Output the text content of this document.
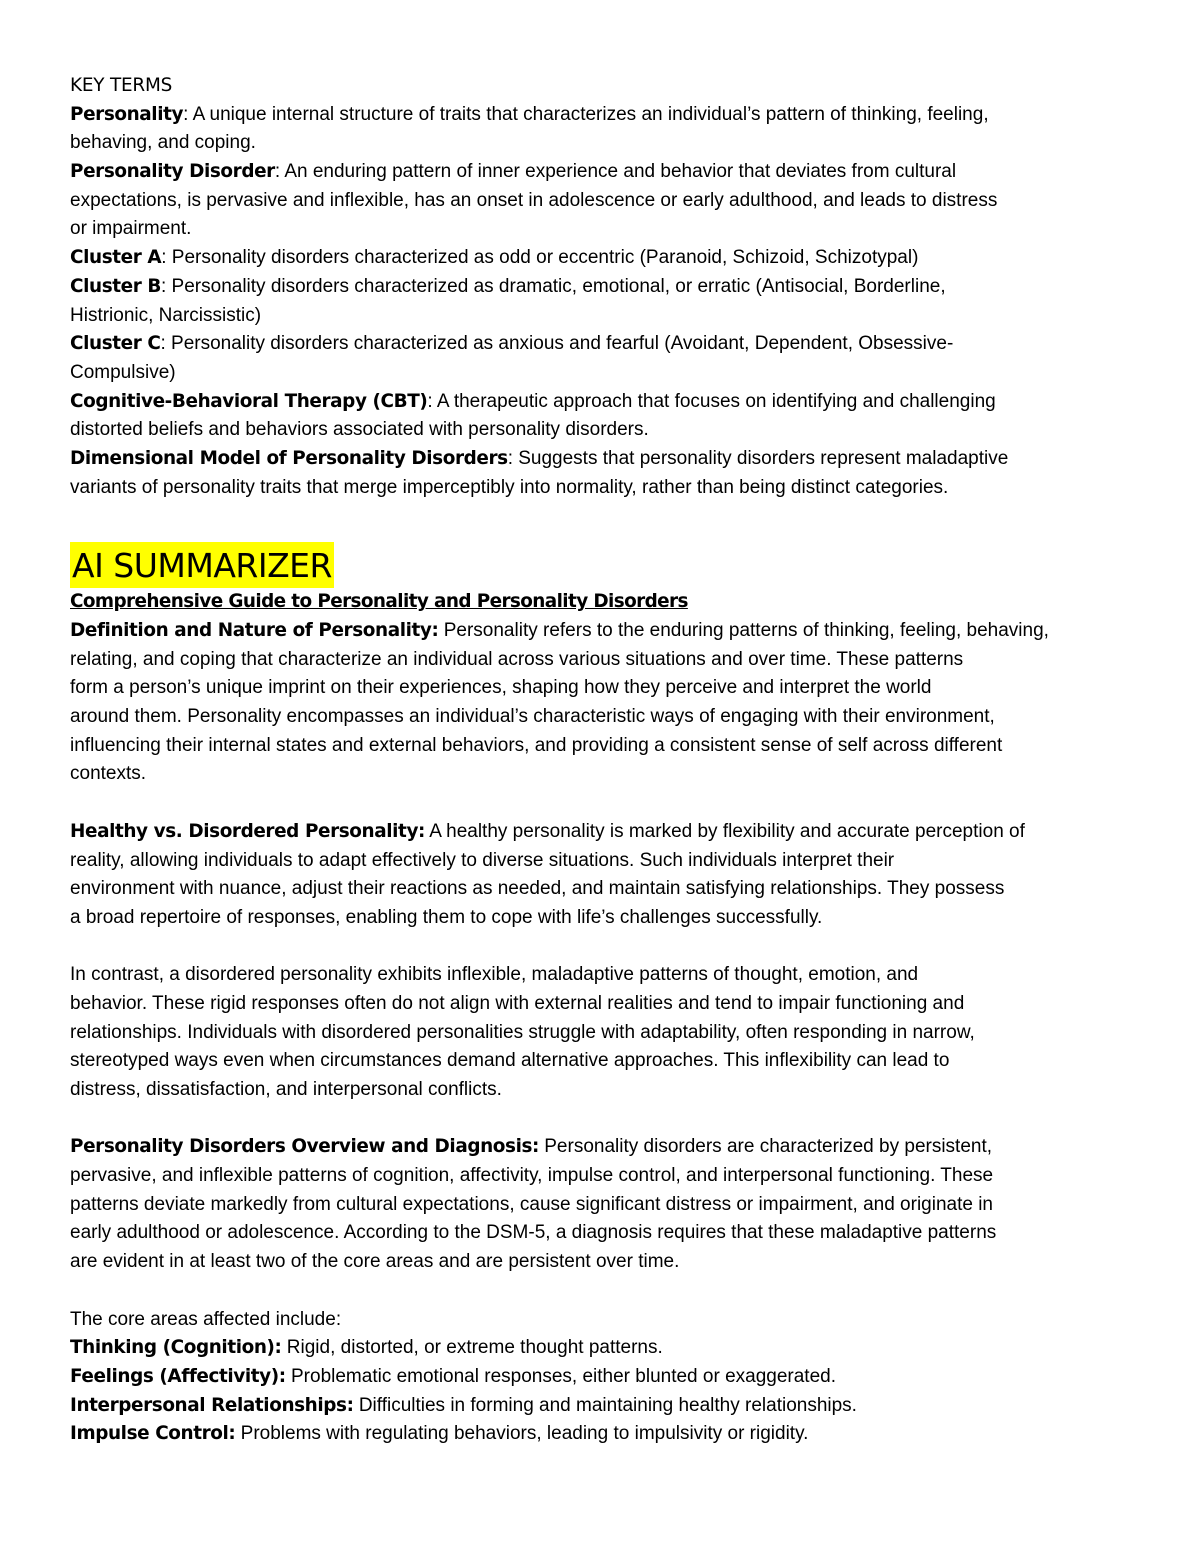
KEY TERMS

Personality: A unique internal structure of traits that characterizes an individual’s pattern of thinking, feeling,

behaving, and coping.

Personality Disorder: An enduring pattern of inner experience and behavior that deviates from cultural

expectations, is pervasive and inflexible, has an onset in adolescence or early adulthood, and leads to distress

or impairment.

Cluster A: Personality disorders characterized as odd or eccentric (Paranoid, Schizoid, Schizotypal)

Cluster B: Personality disorders characterized as dramatic, emotional, or erratic (Antisocial, Borderline,

Histrionic, Narcissistic)

Cluster C: Personality disorders characterized as anxious and fearful (Avoidant, Dependent, Obsessive-

Compulsive)

Cognitive-Behavioral Therapy (CBT): A therapeutic approach that focuses on identifying and challenging

distorted beliefs and behaviors associated with personality disorders.

Dimensional Model of Personality Disorders: Suggests that personality disorders represent maladaptive

variants of personality traits that merge imperceptibly into normality, rather than being distinct categories.

AI SUMMARIZER

Comprehensive Guide to Personality and Personality Disorders

Definition and Nature of Personality: Personality refers to the enduring patterns of thinking, feeling, behaving,

relating, and coping that characterize an individual across various situations and over time. These patterns

form a person’s unique imprint on their experiences, shaping how they perceive and interpret the world

around them. Personality encompasses an individual’s characteristic ways of engaging with their environment,

influencing their internal states and external behaviors, and providing a consistent sense of self across different

contexts.

Healthy vs. Disordered Personality: A healthy personality is marked by flexibility and accurate perception of

reality, allowing individuals to adapt effectively to diverse situations. Such individuals interpret their

environment with nuance, adjust their reactions as needed, and maintain satisfying relationships. They possess

a broad repertoire of responses, enabling them to cope with life’s challenges successfully.

In contrast, a disordered personality exhibits inflexible, maladaptive patterns of thought, emotion, and

behavior. These rigid responses often do not align with external realities and tend to impair functioning and

relationships. Individuals with disordered personalities struggle with adaptability, often responding in narrow,

stereotyped ways even when circumstances demand alternative approaches. This inflexibility can lead to

distress, dissatisfaction, and interpersonal conflicts.

Personality Disorders Overview and Diagnosis: Personality disorders are characterized by persistent,

pervasive, and inflexible patterns of cognition, affectivity, impulse control, and interpersonal functioning. These

patterns deviate markedly from cultural expectations, cause significant distress or impairment, and originate in

early adulthood or adolescence. According to the DSM-5, a diagnosis requires that these maladaptive patterns

are evident in at least two of the core areas and are persistent over time.

The core areas affected include:

Thinking (Cognition): Rigid, distorted, or extreme thought patterns.

Feelings (Affectivity): Problematic emotional responses, either blunted or exaggerated.

Interpersonal Relationships: Difficulties in forming and maintaining healthy relationships.

Impulse Control: Problems with regulating behaviors, leading to impulsivity or rigidity.
